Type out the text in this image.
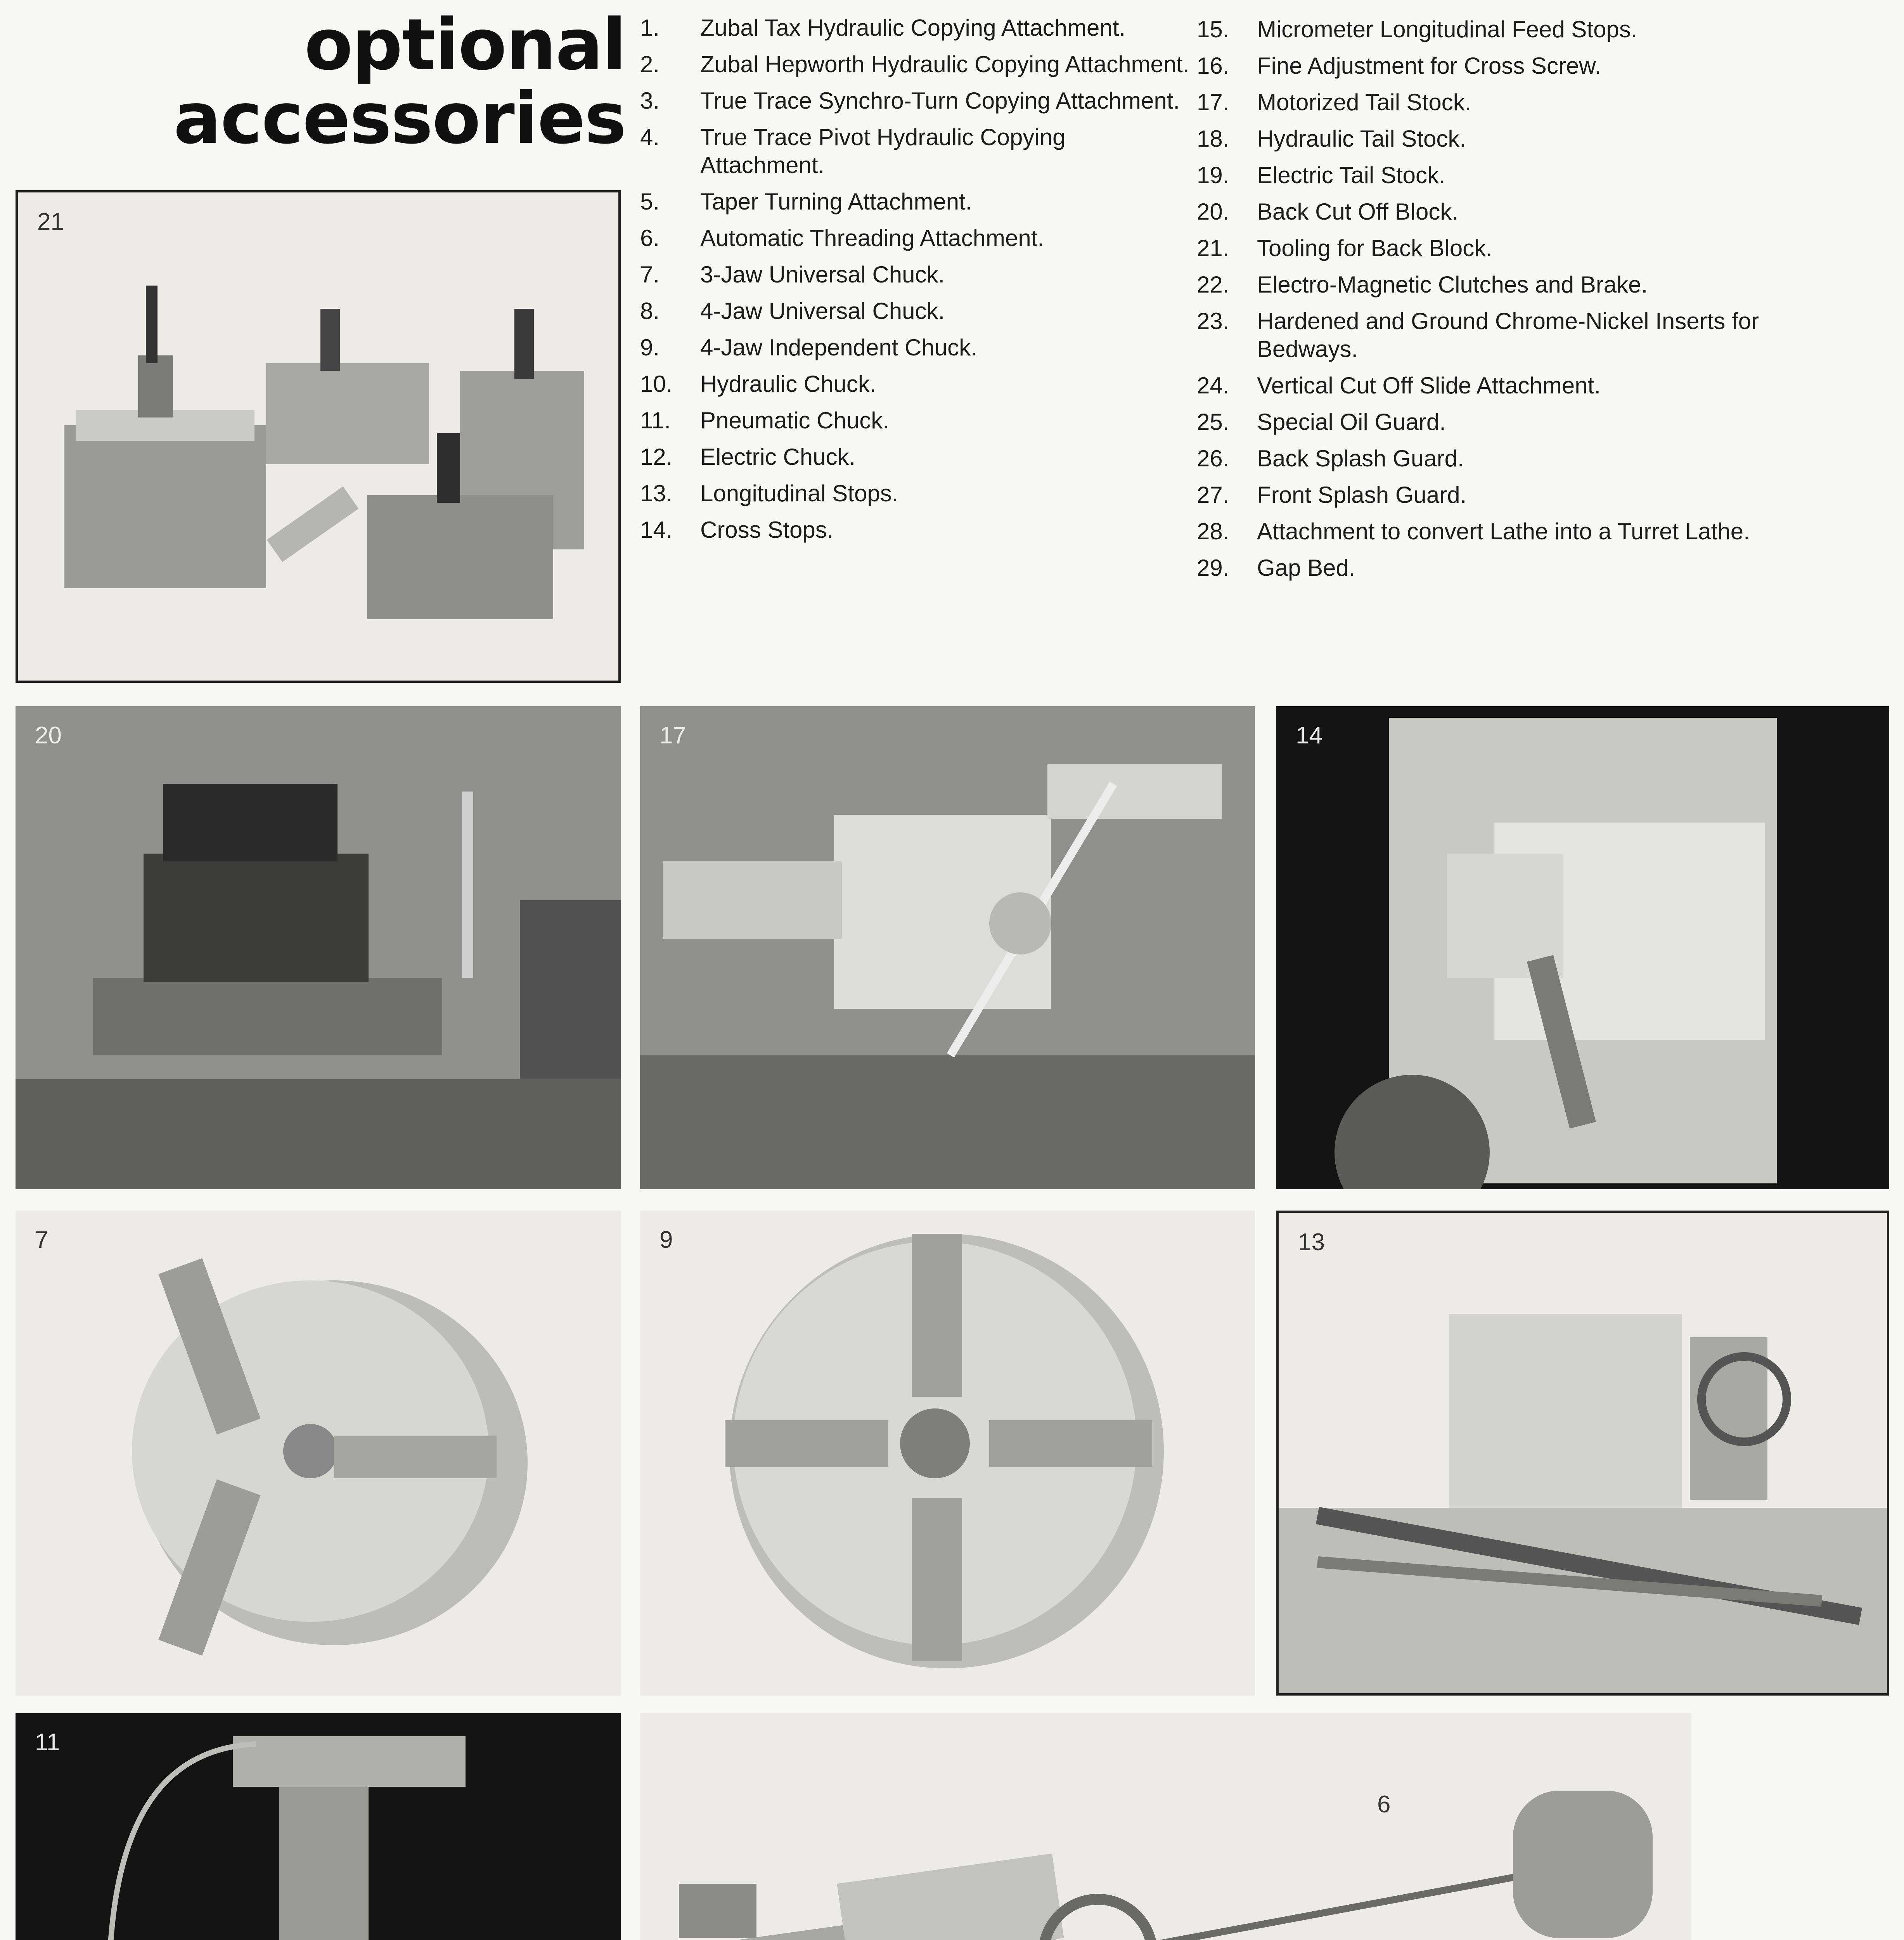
optional
accessories
1.	Zubal Tax Hydraulic Copying Attachment.
2.	Zubal Hepworth Hydraulic Copying Attachment.
3.	True Trace Synchro-Turn Copying Attachment.
4.	True Trace Pivot Hydraulic Copying Attachment.
5.	Taper Turning Attachment.
6.	Automatic Threading Attachment.
7.	3-Jaw Universal Chuck.
8.	4-Jaw Universal Chuck.
9.	4-Jaw Independent Chuck.
10.	Hydraulic Chuck.
11.	Pneumatic Chuck.
12.	Electric Chuck.
13.	Longitudinal Stops.
14.	Cross Stops.
15.	Micrometer Longitudinal Feed Stops.
16.	Fine Adjustment for Cross Screw.
17.	Motorized Tail Stock.
18.	Hydraulic Tail Stock.
19.	Electric Tail Stock.
20.	Back Cut Off Block.
21.	Tooling for Back Block.
22.	Electro-Magnetic Clutches and Brake.
23.	Hardened and Ground Chrome-Nickel Inserts for Bedways.
24.	Vertical Cut Off Slide Attachment.
25.	Special Oil Guard.
26.	Back Splash Guard.
27.	Front Splash Guard.
28.	Attachment to convert Lathe into a Turret Lathe.
29.	Gap Bed.
21
20	17	14
7	9	13
11
6
